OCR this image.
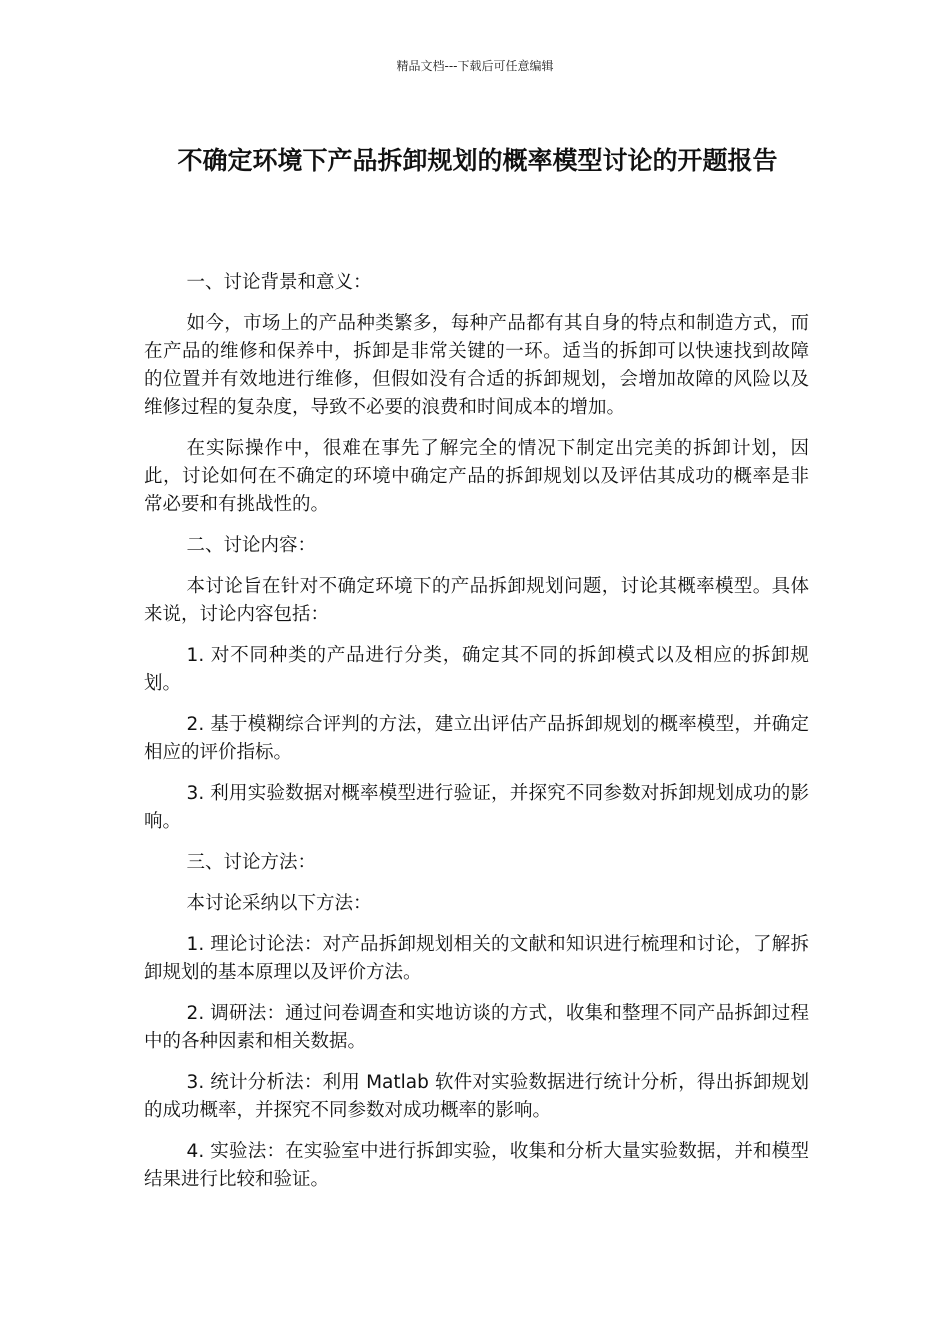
精品文档---下载后可任意编辑
不确定环境下产品拆卸规划的概率模型讨论的开题报告

一、讨论背景和意义：

如今，市场上的产品种类繁多，每种产品都有其自身的特点和制造方式，而在产品的维修和保养中，拆卸是非常关键的一环。适当的拆卸可以快速找到故障的位置并有效地进行维修，但假如没有合适的拆卸规划，会增加故障的风险以及维修过程的复杂度，导致不必要的浪费和时间成本的增加。

在实际操作中，很难在事先了解完全的情况下制定出完美的拆卸计划，因此，讨论如何在不确定的环境中确定产品的拆卸规划以及评估其成功的概率是非常必要和有挑战性的。

二、讨论内容：

本讨论旨在针对不确定环境下的产品拆卸规划问题，讨论其概率模型。具体来说，讨论内容包括：

1. 对不同种类的产品进行分类，确定其不同的拆卸模式以及相应的拆卸规划。

2. 基于模糊综合评判的方法，建立出评估产品拆卸规划的概率模型，并确定相应的评价指标。

3. 利用实验数据对概率模型进行验证，并探究不同参数对拆卸规划成功的影响。

三、讨论方法：

本讨论采纳以下方法：

1. 理论讨论法：对产品拆卸规划相关的文献和知识进行梳理和讨论，了解拆卸规划的基本原理以及评价方法。

2. 调研法：通过问卷调查和实地访谈的方式，收集和整理不同产品拆卸过程中的各种因素和相关数据。

3. 统计分析法：利用 Matlab 软件对实验数据进行统计分析，得出拆卸规划的成功概率，并探究不同参数对成功概率的影响。

4. 实验法：在实验室中进行拆卸实验，收集和分析大量实验数据，并和模型结果进行比较和验证。
